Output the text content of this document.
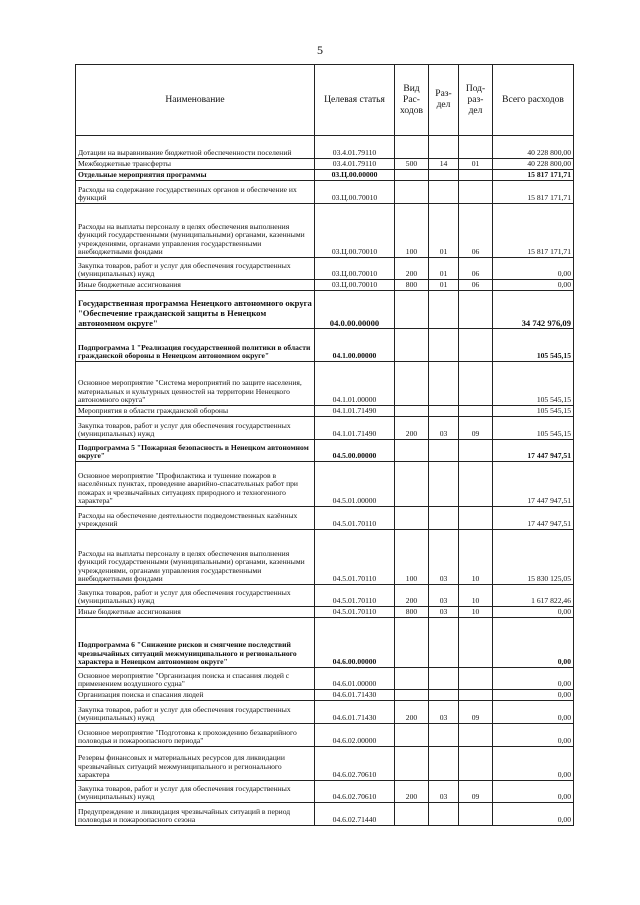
5
Наименование	Целевая статья	Вид Рас- ходов	Раз- дел	Под- раз- дел	Всего расходов
Дотации на выравнивание бюджетной обеспеченности поселений	03.4.01.79110				40 228 800,00
Межбюджетные трансферты	03.4.01.79110	500	14	01	40 228 800,00
Отдельные мероприятия программы	03.Ц.00.00000				15 817 171,71
Расходы на содержание государственных органов и обеспечение их функций	03.Ц.00.70010				15 817 171,71
Расходы на выплаты персоналу в целях обеспечения выполнения функций государственными (муниципальными) органами, казенными учреждениями, органами управления государственными внебюджетными фондами	03.Ц.00.70010	100	01	06	15 817 171,71
Закупка товаров, работ и услуг для обеспечения государственных (муниципальных) нужд	03.Ц.00.70010	200	01	06	0,00
Иные бюджетные ассигнования	03.Ц.00.70010	800	01	06	0,00
Государственная программа Ненецкого автономного округа "Обеспечение гражданской защиты в Ненецком автономном округе"	04.0.00.00000				34 742 976,09
Подпрограмма 1 "Реализация государственной политики в области гражданской обороны в Ненецком автономном округе"	04.1.00.00000				105 545,15
Основное мероприятие "Система мероприятий по защите населения, материальных и культурных ценностей на территории Ненецкого автономного округа"	04.1.01.00000				105 545,15
Мероприятия в области гражданской обороны	04.1.01.71490				105 545,15
Закупка товаров, работ и услуг для обеспечения государственных (муниципальных) нужд	04.1.01.71490	200	03	09	105 545,15
Подпрограмма 5 "Пожарная безопасность в Ненецком автономном округе"	04.5.00.00000				17 447 947,51
Основное мероприятие "Профилактика и тушение пожаров в населённых пунктах, проведение аварийно-спасательных работ при пожарах и чрезвычайных ситуациях природного и техногенного характера"	04.5.01.00000				17 447 947,51
Расходы на обеспечение деятельности подведомственных казённых учреждений	04.5.01.70110				17 447 947,51
Расходы на выплаты персоналу в целях обеспечения выполнения функций государственными (муниципальными) органами, казенными учреждениями, органами управления государственными внебюджетными фондами	04.5.01.70110	100	03	10	15 830 125,05
Закупка товаров, работ и услуг для обеспечения государственных (муниципальных) нужд	04.5.01.70110	200	03	10	1 617 822,46
Иные бюджетные ассигнования	04.5.01.70110	800	03	10	0,00
Подпрограмма 6 "Снижение рисков и смягчение последствий чрезвычайных ситуаций межмуниципального и регионального характера в Ненецком автономном округе"	04.6.00.00000				0,00
Основное мероприятие "Организация поиска и спасания людей с применением воздушного судна"	04.6.01.00000				0,00
Организация поиска и спасания людей	04.6.01.71430				0,00
Закупка товаров, работ и услуг для обеспечения государственных (муниципальных) нужд	04.6.01.71430	200	03	09	0,00
Основное мероприятие "Подготовка к прохождению безаварийного половодья и пожароопасного периода"	04.6.02.00000				0,00
Резервы финансовых и материальных ресурсов для ликвидации чрезвычайных ситуаций межмуниципального и регионального характера	04.6.02.70610				0,00
Закупка товаров, работ и услуг для обеспечения государственных (муниципальных) нужд	04.6.02.70610	200	03	09	0,00
Предупреждение и ликвидация чрезвычайных ситуаций в период половодья и пожароопасного сезона	04.6.02.71440				0,00
